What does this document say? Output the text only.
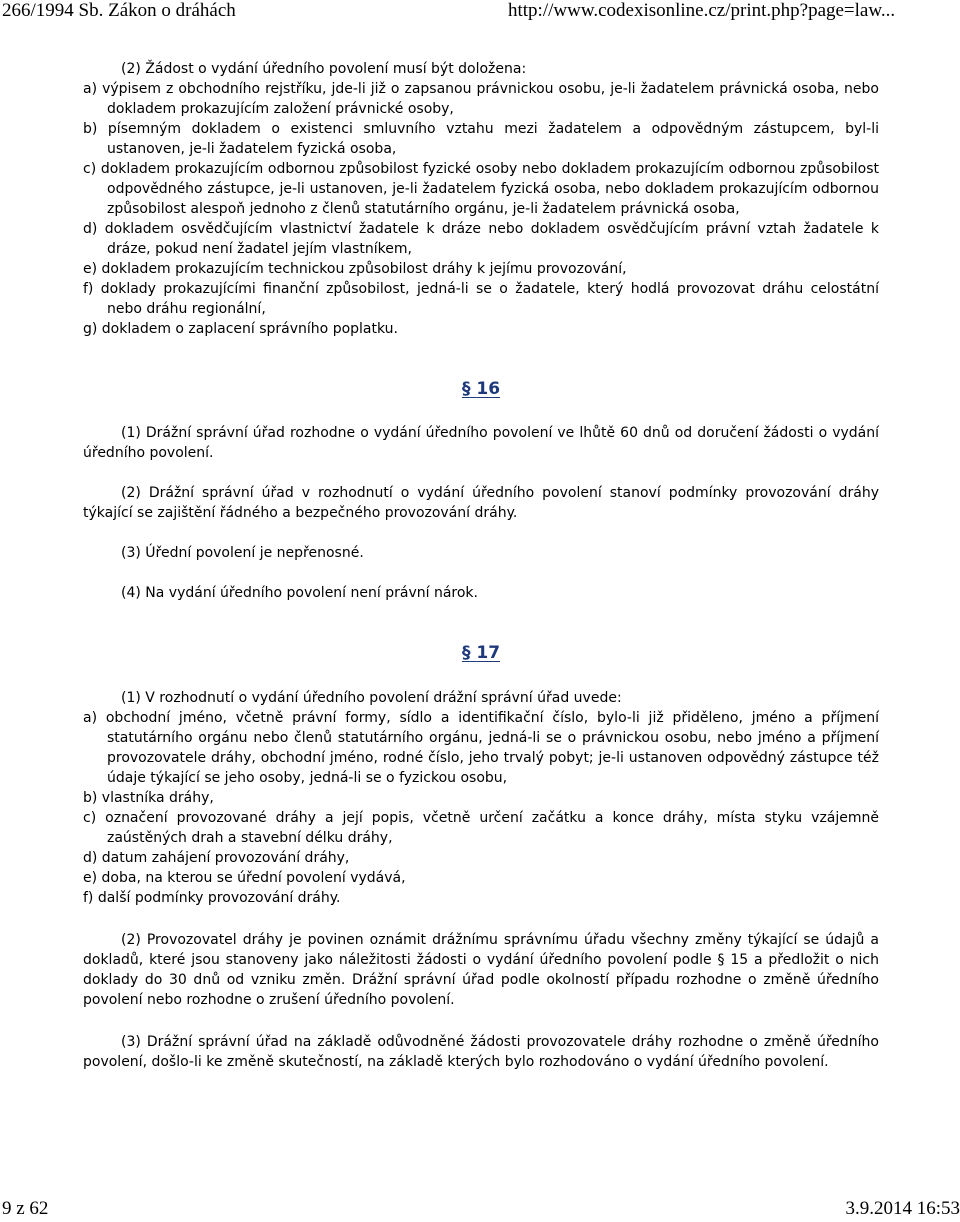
266/1994 Sb. Zákon o dráhách	http://www.codexisonline.cz/print.php?page=law...

(2) Žádost o vydání úředního povolení musí být doložena:

a) výpisem z obchodního rejstříku, jde-li již o zapsanou právnickou osobu, je-li žadatelem právnická osoba, nebo dokladem prokazujícím založení právnické osoby,

b) písemným dokladem o existenci smluvního vztahu mezi žadatelem a odpovědným zástupcem, byl-li ustanoven, je-li žadatelem fyzická osoba,

c) dokladem prokazujícím odbornou způsobilost fyzické osoby nebo dokladem prokazujícím odbornou způsobilost odpovědného zástupce, je-li ustanoven, je-li žadatelem fyzická osoba, nebo dokladem prokazujícím odbornou způsobilost alespoň jednoho z členů statutárního orgánu, je-li žadatelem právnická osoba,

d) dokladem osvědčujícím vlastnictví žadatele k dráze nebo dokladem osvědčujícím právní vztah žadatele k dráze, pokud není žadatel jejím vlastníkem,

e) dokladem prokazujícím technickou způsobilost dráhy k jejímu provozování,

f) doklady prokazujícími finanční způsobilost, jedná-li se o žadatele, který hodlá provozovat dráhu celostátní nebo dráhu regionální,

g) dokladem o zaplacení správního poplatku.

§ 16

(1) Drážní správní úřad rozhodne o vydání úředního povolení ve lhůtě 60 dnů od doručení žádosti o vydání úředního povolení.

(2) Drážní správní úřad v rozhodnutí o vydání úředního povolení stanoví podmínky provozování dráhy týkající se zajištění řádného a bezpečného provozování dráhy.

(3) Úřední povolení je nepřenosné.

(4) Na vydání úředního povolení není právní nárok.

§ 17

(1) V rozhodnutí o vydání úředního povolení drážní správní úřad uvede:

a) obchodní jméno, včetně právní formy, sídlo a identifikační číslo, bylo-li již přiděleno, jméno a příjmení statutárního orgánu nebo členů statutárního orgánu, jedná-li se o právnickou osobu, nebo jméno a příjmení provozovatele dráhy, obchodní jméno, rodné číslo, jeho trvalý pobyt; je-li ustanoven odpovědný zástupce též údaje týkající se jeho osoby, jedná-li se o fyzickou osobu,

b) vlastníka dráhy,

c) označení provozované dráhy a její popis, včetně určení začátku a konce dráhy, místa styku vzájemně zaústěných drah a stavební délku dráhy,

d) datum zahájení provozování dráhy,

e) doba, na kterou se úřední povolení vydává,

f) další podmínky provozování dráhy.

(2) Provozovatel dráhy je povinen oznámit drážnímu správnímu úřadu všechny změny týkající se údajů a dokladů, které jsou stanoveny jako náležitosti žádosti o vydání úředního povolení podle § 15 a předložit o nich doklady do 30 dnů od vzniku změn. Drážní správní úřad podle okolností případu rozhodne o změně úředního povolení nebo rozhodne o zrušení úředního povolení.

(3) Drážní správní úřad na základě odůvodněné žádosti provozovatele dráhy rozhodne o změně úředního povolení, došlo-li ke změně skutečností, na základě kterých bylo rozhodováno o vydání úředního povolení.

9 z 62	3.9.2014 16:53
